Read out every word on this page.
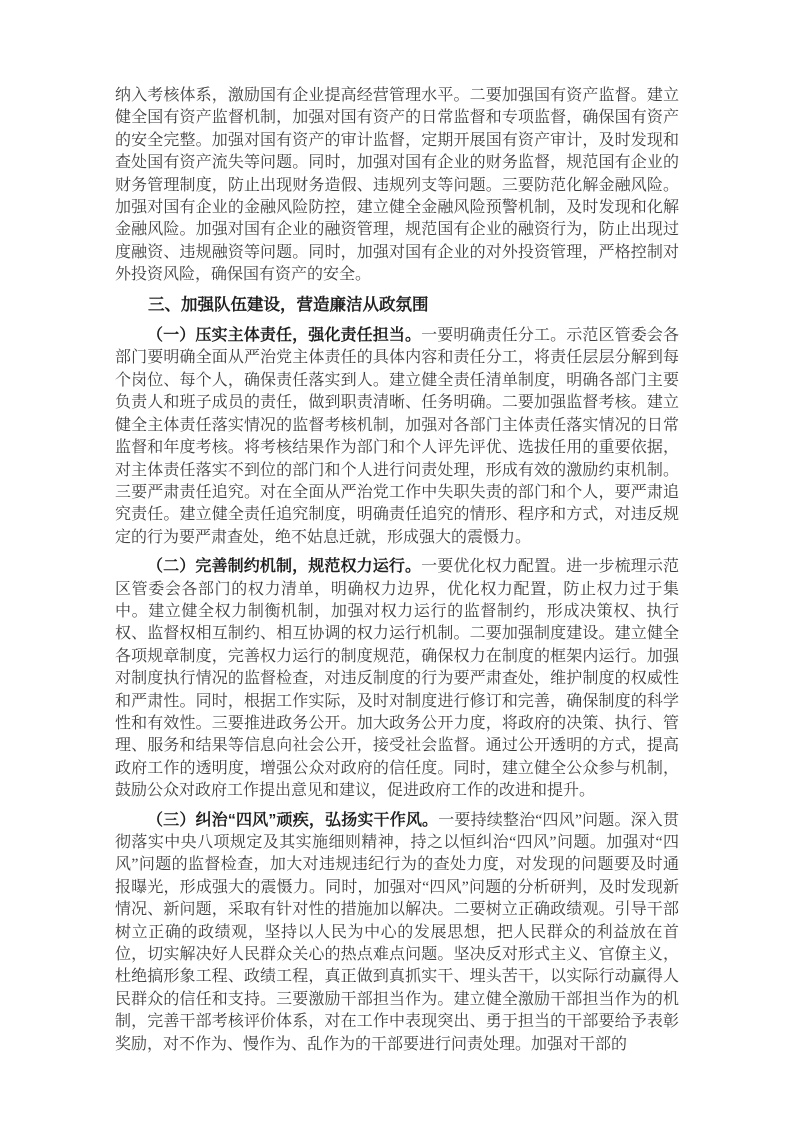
纳入考核体系，激励国有企业提高经营管理水平。二要加强国有资产监督。建立健全国有资产监督机制，加强对国有资产的日常监督和专项监督，确保国有资产的安全完整。加强对国有资产的审计监督，定期开展国有资产审计，及时发现和查处国有资产流失等问题。同时，加强对国有企业的财务监督，规范国有企业的财务管理制度，防止出现财务造假、违规列支等问题。三要防范化解金融风险。加强对国有企业的金融风险防控，建立健全金融风险预警机制，及时发现和化解金融风险。加强对国有企业的融资管理，规范国有企业的融资行为，防止出现过度融资、违规融资等问题。同时，加强对国有企业的对外投资管理，严格控制对外投资风险，确保国有资产的安全。

三、加强队伍建设，营造廉洁从政氛围

（一）压实主体责任，强化责任担当。一要明确责任分工。示范区管委会各部门要明确全面从严治党主体责任的具体内容和责任分工，将责任层层分解到每个岗位、每个人，确保责任落实到人。建立健全责任清单制度，明确各部门主要负责人和班子成员的责任，做到职责清晰、任务明确。二要加强监督考核。建立健全主体责任落实情况的监督考核机制，加强对各部门主体责任落实情况的日常监督和年度考核。将考核结果作为部门和个人评先评优、选拔任用的重要依据，对主体责任落实不到位的部门和个人进行问责处理，形成有效的激励约束机制。三要严肃责任追究。对在全面从严治党工作中失职失责的部门和个人，要严肃追究责任。建立健全责任追究制度，明确责任追究的情形、程序和方式，对违反规定的行为要严肃查处，绝不姑息迁就，形成强大的震慑力。

（二）完善制约机制，规范权力运行。一要优化权力配置。进一步梳理示范区管委会各部门的权力清单，明确权力边界，优化权力配置，防止权力过于集中。建立健全权力制衡机制，加强对权力运行的监督制约，形成决策权、执行权、监督权相互制约、相互协调的权力运行机制。二要加强制度建设。建立健全各项规章制度，完善权力运行的制度规范，确保权力在制度的框架内运行。加强对制度执行情况的监督检查，对违反制度的行为要严肃查处，维护制度的权威性和严肃性。同时，根据工作实际，及时对制度进行修订和完善，确保制度的科学性和有效性。三要推进政务公开。加大政务公开力度，将政府的决策、执行、管理、服务和结果等信息向社会公开，接受社会监督。通过公开透明的方式，提高政府工作的透明度，增强公众对政府的信任度。同时，建立健全公众参与机制，鼓励公众对政府工作提出意见和建议，促进政府工作的改进和提升。

（三）纠治“四风”顽疾，弘扬实干作风。一要持续整治“四风”问题。深入贯彻落实中央八项规定及其实施细则精神，持之以恒纠治“四风”问题。加强对“四风”问题的监督检查，加大对违规违纪行为的查处力度，对发现的问题要及时通报曝光，形成强大的震慑力。同时，加强对“四风”问题的分析研判，及时发现新情况、新问题，采取有针对性的措施加以解决。二要树立正确政绩观。引导干部树立正确的政绩观，坚持以人民为中心的发展思想，把人民群众的利益放在首位，切实解决好人民群众关心的热点难点问题。坚决反对形式主义、官僚主义，杜绝搞形象工程、政绩工程，真正做到真抓实干、埋头苦干，以实际行动赢得人民群众的信任和支持。三要激励干部担当作为。建立健全激励干部担当作为的机制，完善干部考核评价体系，对在工作中表现突出、勇于担当的干部要给予表彰奖励，对不作为、慢作为、乱作为的干部要进行问责处理。加强对干部的
